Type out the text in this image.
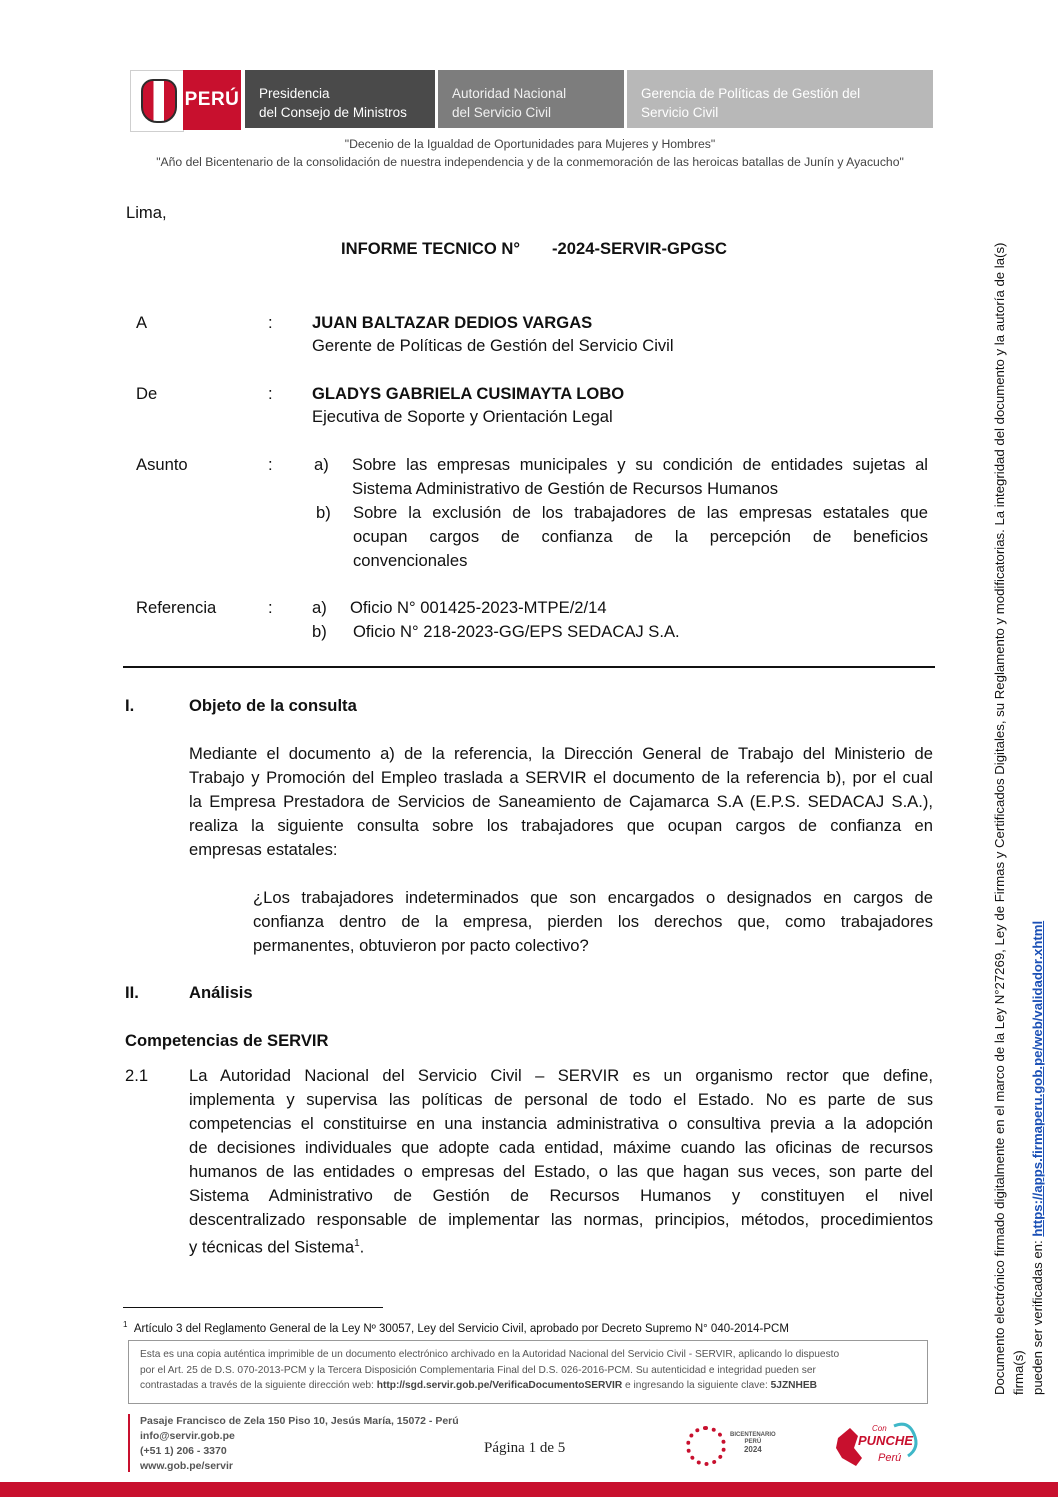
PERÚ Presidencia
del Consejo de Ministros
Autoridad Nacional
del Servicio Civil
Gerencia de Políticas de Gestión del
Servicio Civil
"Decenio de la Igualdad de Oportunidades para Mujeres y Hombres"
"Año del Bicentenario de la consolidación de nuestra independencia y de la conmemoración de las heroicas batallas de Junín y Ayacucho"
Documento electrónico firmado digitalmente en el marco de la Ley N°27269, Ley de Firmas y Certificados Digitales, su Reglamento y modificatorias. La integridad del documento y la autoría de la(s) firma(s) pueden ser verificadas en: https://apps.firmaperu.gob.pe/web/validador.xhtml
Lima,
INFORME TECNICO N° -2024-SERVIR-GPGSC
A	: JUAN BALTAZAR DEDIOS VARGAS
Gerente de Políticas de Gestión del Servicio Civil
De	: GLADYS GABRIELA CUSIMAYTA LOBO
Ejecutiva de Soporte y Orientación Legal
Asunto	: a) Sobre las empresas municipales y su condición de entidades sujetas al
Sistema Administrativo de Gestión de Recursos Humanos
b) Sobre la exclusión de los trabajadores de las empresas estatales que
ocupan cargos de confianza de la percepción de beneficios
convencionales
Referencia	: a) Oficio N° 001425-2023-MTPE/2/14
b) Oficio N° 218-2023-GG/EPS SEDACAJ S.A.
I.	Objeto de la consulta
Mediante el documento a) de la referencia, la Dirección General de Trabajo del Ministerio de
Trabajo y Promoción del Empleo traslada a SERVIR el documento de la referencia b), por el cual
la Empresa Prestadora de Servicios de Saneamiento de Cajamarca S.A (E.P.S. SEDACAJ S.A.),
realiza la siguiente consulta sobre los trabajadores que ocupan cargos de confianza en
empresas estatales:
¿Los trabajadores indeterminados que son encargados o designados en cargos de
confianza dentro de la empresa, pierden los derechos que, como trabajadores
permanentes, obtuvieron por pacto colectivo?
II.	Análisis
Competencias de SERVIR
2.1 La Autoridad Nacional del Servicio Civil – SERVIR es un organismo rector que define,
implementa y supervisa las políticas de personal de todo el Estado. No es parte de sus
competencias el constituirse en una instancia administrativa o consultiva previa a la adopción
de decisiones individuales que adopte cada entidad, máxime cuando las oficinas de recursos
humanos de las entidades o empresas del Estado, o las que hagan sus veces, son parte del
Sistema Administrativo de Gestión de Recursos Humanos y constituyen el nivel
descentralizado responsable de implementar las normas, principios, métodos, procedimientos
y técnicas del Sistema$^1$.
$^1$ Artículo 3 del Reglamento General de la Ley Nº 30057, Ley del Servicio Civil, aprobado por Decreto Supremo N° 040-2014-PCM
Esta es una copia auténtica imprimible de un documento electrónico archivado en la Autoridad Nacional del Servicio Civil - SERVIR, aplicando lo dispuesto
por el Art. 25 de D.S. 070-2013-PCM y la Tercera Disposición Complementaria Final del D.S. 026-2016-PCM. Su autenticidad e integridad pueden ser
contrastadas a través de la siguiente dirección web: http://sgd.servir.gob.pe/VerificaDocumentoSERVIR e ingresando la siguiente clave: 5JZNHEB
Pasaje Francisco de Zela 150 Piso 10, Jesús María, 15072 - Perú
info@servir.gob.pe
(+51 1) 206 - 3370
www.gob.pe/servir
Página 1 de 5
BICENTENARIO
PERÚ
2024
Con
PUNCHE
Perú
